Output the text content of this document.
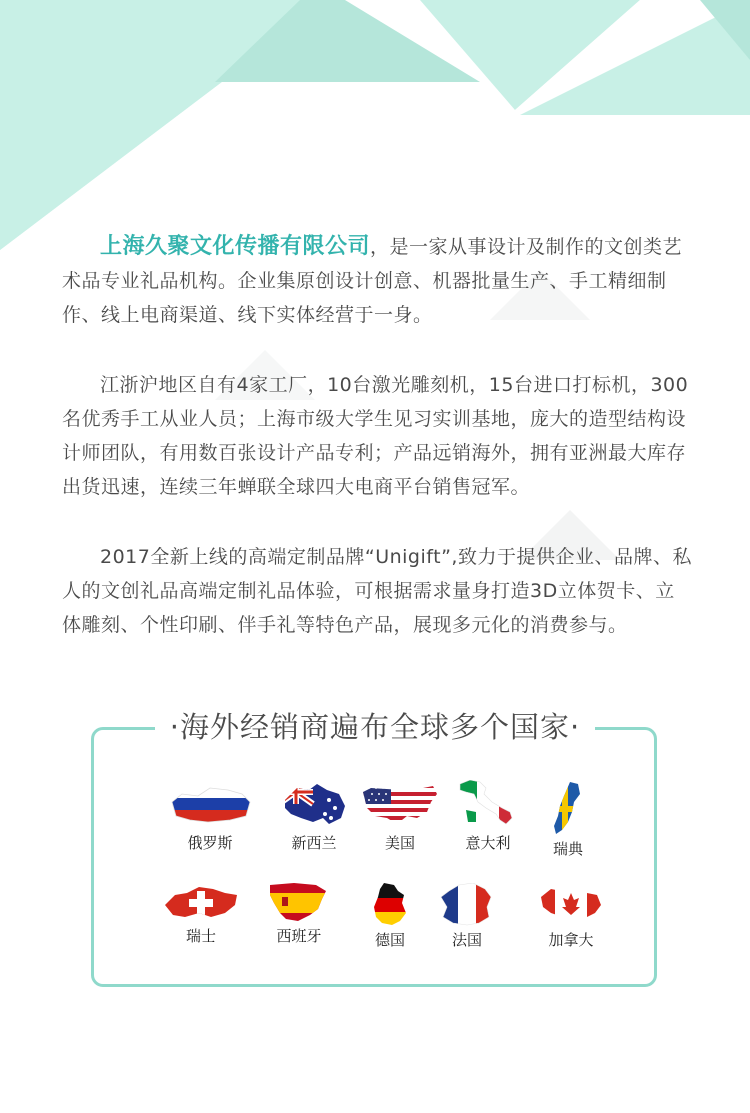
上海久聚文化传播有限公司，是一家从事设计及制作的文创类艺术品专业礼品机构。企业集原创设计创意、机器批量生产、手工精细制作、线上电商渠道、线下实体经营于一身。

江浙沪地区自有4家工厂，10台激光雕刻机，15台进口打标机，300名优秀手工从业人员；上海市级大学生见习实训基地，庞大的造型结构设计师团队，有用数百张设计产品专利；产品远销海外，拥有亚洲最大库存出货迅速，连续三年蝉联全球四大电商平台销售冠军。

2017全新上线的高端定制品牌“Unigift”,致力于提供企业、品牌、私人的文创礼品高端定制礼品体验，可根据需求量身打造3D立体贺卡、立体雕刻、个性印刷、伴手礼等特色产品，展现多元化的消费参与。

·海外经销商遍布全球多个国家·
俄罗斯	新西兰	美国	意大利	瑞典
瑞士	西班牙	德国	法国	加拿大
